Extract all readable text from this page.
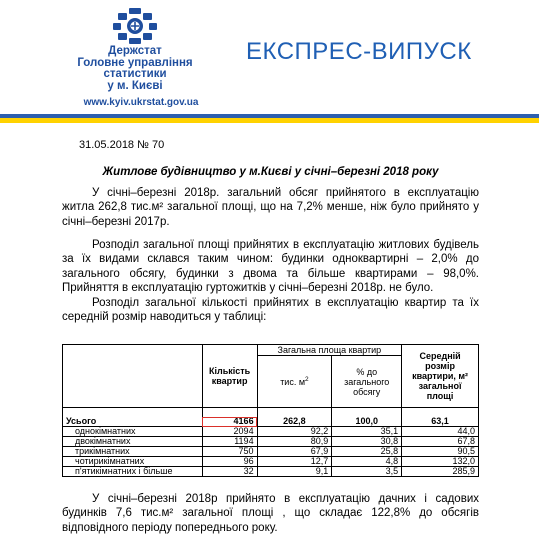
Держстат
Головне управління
статистики
у м. Києві
www.kyiv.ukrstat.gov.ua
ЕКСПРЕС-ВИПУСК
31.05.2018 № 70
Житлове будівництво у м.Києві у січні–березні 2018 року

У січні–березні 2018р. загальний обсяг прийнятого в експлуатацію житла 262,8 тис.м² загальної площі, що на 7,2% менше, ніж було прийнято у січні–березні 2017р.

Розподіл загальної площі прийнятих в експлуатацію житлових будівель за їх видами склався таким чином: будинки одноквартирні – 2,0% до загального обсягу, будинки з двома та більше квартирами – 98,0%. Прийняття в експлуатацію гуртожитків у січні–березні 2018р. не було.

Розподіл загальної кількості прийнятих в експлуатацію квартир та їх середній розмір наводиться у таблиці:

	Кількість квартир	Загальна площа квартир		Середній розмір квартири, м² загальної площі
		тис. $м^2$	% до загального обсягу	

Усього	4166	262,8	100,0	63,1
однокімнатних	2094	92,2	35,1	44,0
двокімнатних	1194	80,9	30,8	67,8
трикімнатних	750	67,9	25,8	90,5
чотирикімнатних	96	12,7	4,8	132,0
п'ятикімнатних і більше	32	9,1	3,5	285,9

У січні–березні 2018р прийнято в експлуатацію дачних і садових будинків 7,6 тис.м² загальної площі , що складає 122,8% до обсягів відповідного періоду попереднього року.
